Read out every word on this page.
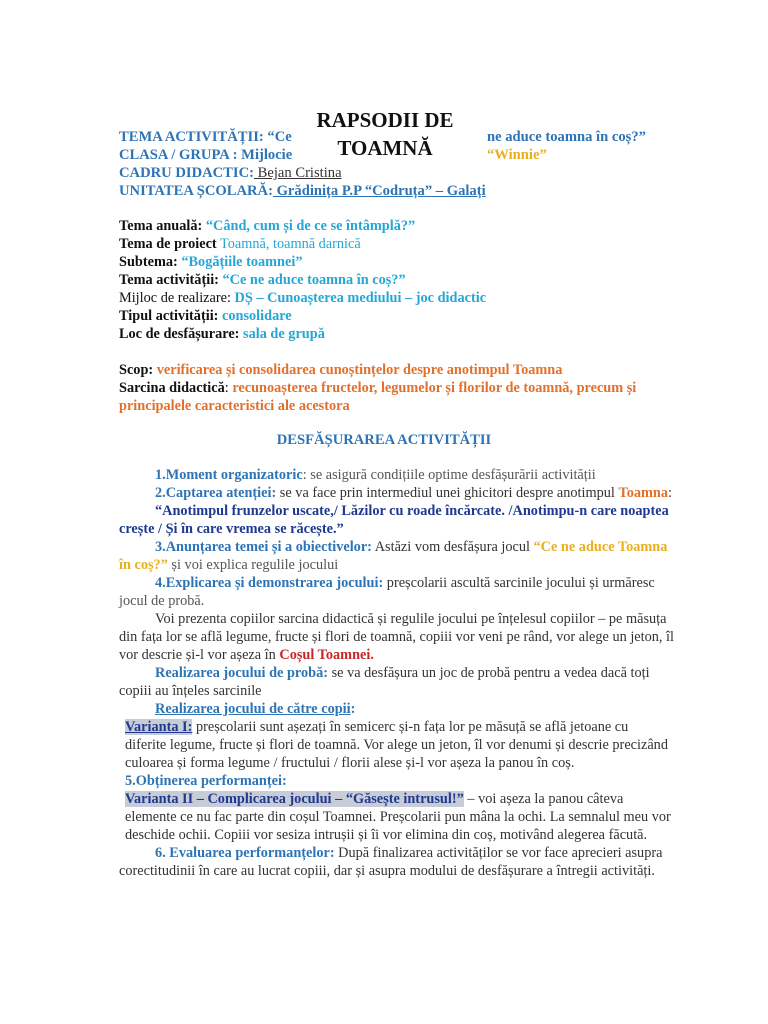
RAPSODII DE
TOAMNĂ
TEMA ACTIVITĂȚII: “Ce	ne aduce toamna în coș?”
CLASA / GRUPA : Mijlocie	“Winnie”
CADRU DIDACTIC: Bejan Cristina
UNITATEA ȘCOLARĂ: Grădinița P.P “Codruța” – Galați
Tema anuală: “Când, cum și de ce se întâmplă?”
Tema de proiect Toamnă, toamnă darnică
Subtema: “Bogățiile toamnei”
Tema activității: “Ce ne aduce toamna în coș?”
Mijloc de realizare: DȘ – Cunoașterea mediului – joc didactic
Tipul activității: consolidare
Loc de desfășurare: sala de grupă
Scop: verificarea și consolidarea cunoștințelor despre anotimpul Toamna
Sarcina didactică: recunoașterea fructelor, legumelor și florilor de toamnă, precum și
principalele caracteristici ale acestora
DESFĂȘURAREA ACTIVITĂȚII
1.Moment organizatoric: se asigură condițiile optime desfășurării activității
2.Captarea atenției: se va face prin intermediul unei ghicitori despre anotimpul Toamna:
“Anotimpul frunzelor uscate,/ Lăzilor cu roade încărcate. /Anotimpu-n care noaptea
crește / Și în care vremea se răcește.”
3.Anunțarea temei și a obiectivelor: Astăzi vom desfășura jocul “Ce ne aduce Toamna
în coș?” și voi explica regulile jocului
4.Explicarea și demonstrarea jocului: preșcolarii ascultă sarcinile jocului și urmăresc
jocul de probă.
Voi prezenta copiilor sarcina didactică și regulile jocului pe înțelesul copiilor – pe măsuța
din fața lor se află legume, fructe și flori de toamnă, copiii vor veni pe rând, vor alege un jeton, îl
vor descrie și-l vor așeza în Coșul Toamnei.
Realizarea jocului de probă: se va desfășura un joc de probă pentru a vedea dacă toți
copiii au înțeles sarcinile
Realizarea jocului de către copii:
Varianta I: preșcolarii sunt așezați în semicerc și-n fața lor pe măsuță se află jetoane cu
diferite legume, fructe și flori de toamnă. Vor alege un jeton, îl vor denumi și descrie precizând
culoarea și forma legume / fructului / florii alese și-l vor așeza la panou în coș.
5.Obținerea performanței:
Varianta II – Complicarea jocului – “Găsește intrusul!” – voi așeza la panou câteva
elemente ce nu fac parte din coșul Toamnei. Preșcolarii pun mâna la ochi. La semnalul meu vor
deschide ochii. Copiii vor sesiza intrușii și îi vor elimina din coș, motivând alegerea făcută.
6. Evaluarea performanțelor: După finalizarea activităților se vor face aprecieri asupra
corectitudinii în care au lucrat copiii, dar și asupra modului de desfășurare a întregii activități.
